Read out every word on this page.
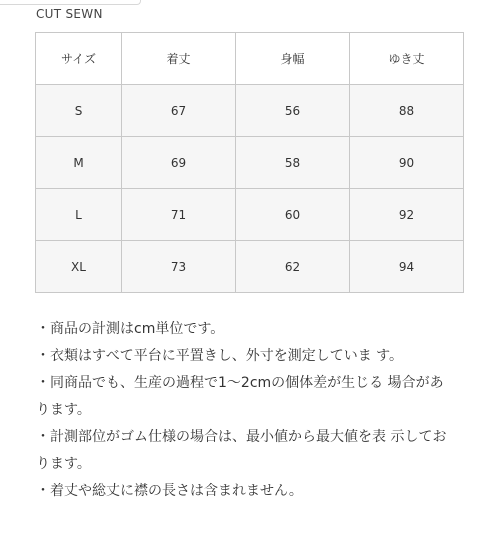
CUT SEWN
サイズ	着丈	身幅	ゆき丈
S	67	56	88
M	69	58	90
L	71	60	92
XL	73	62	94

・商品の計測はcm単位です。

・衣類はすべて平台に平置きし、外寸を測定していま す。

・同商品でも、生産の過程で1〜2cmの個体差が生じる 場合があります。

・計測部位がゴム仕様の場合は、最小値から最大値を表 示しております。

・着丈や総丈に襟の長さは含まれません。
